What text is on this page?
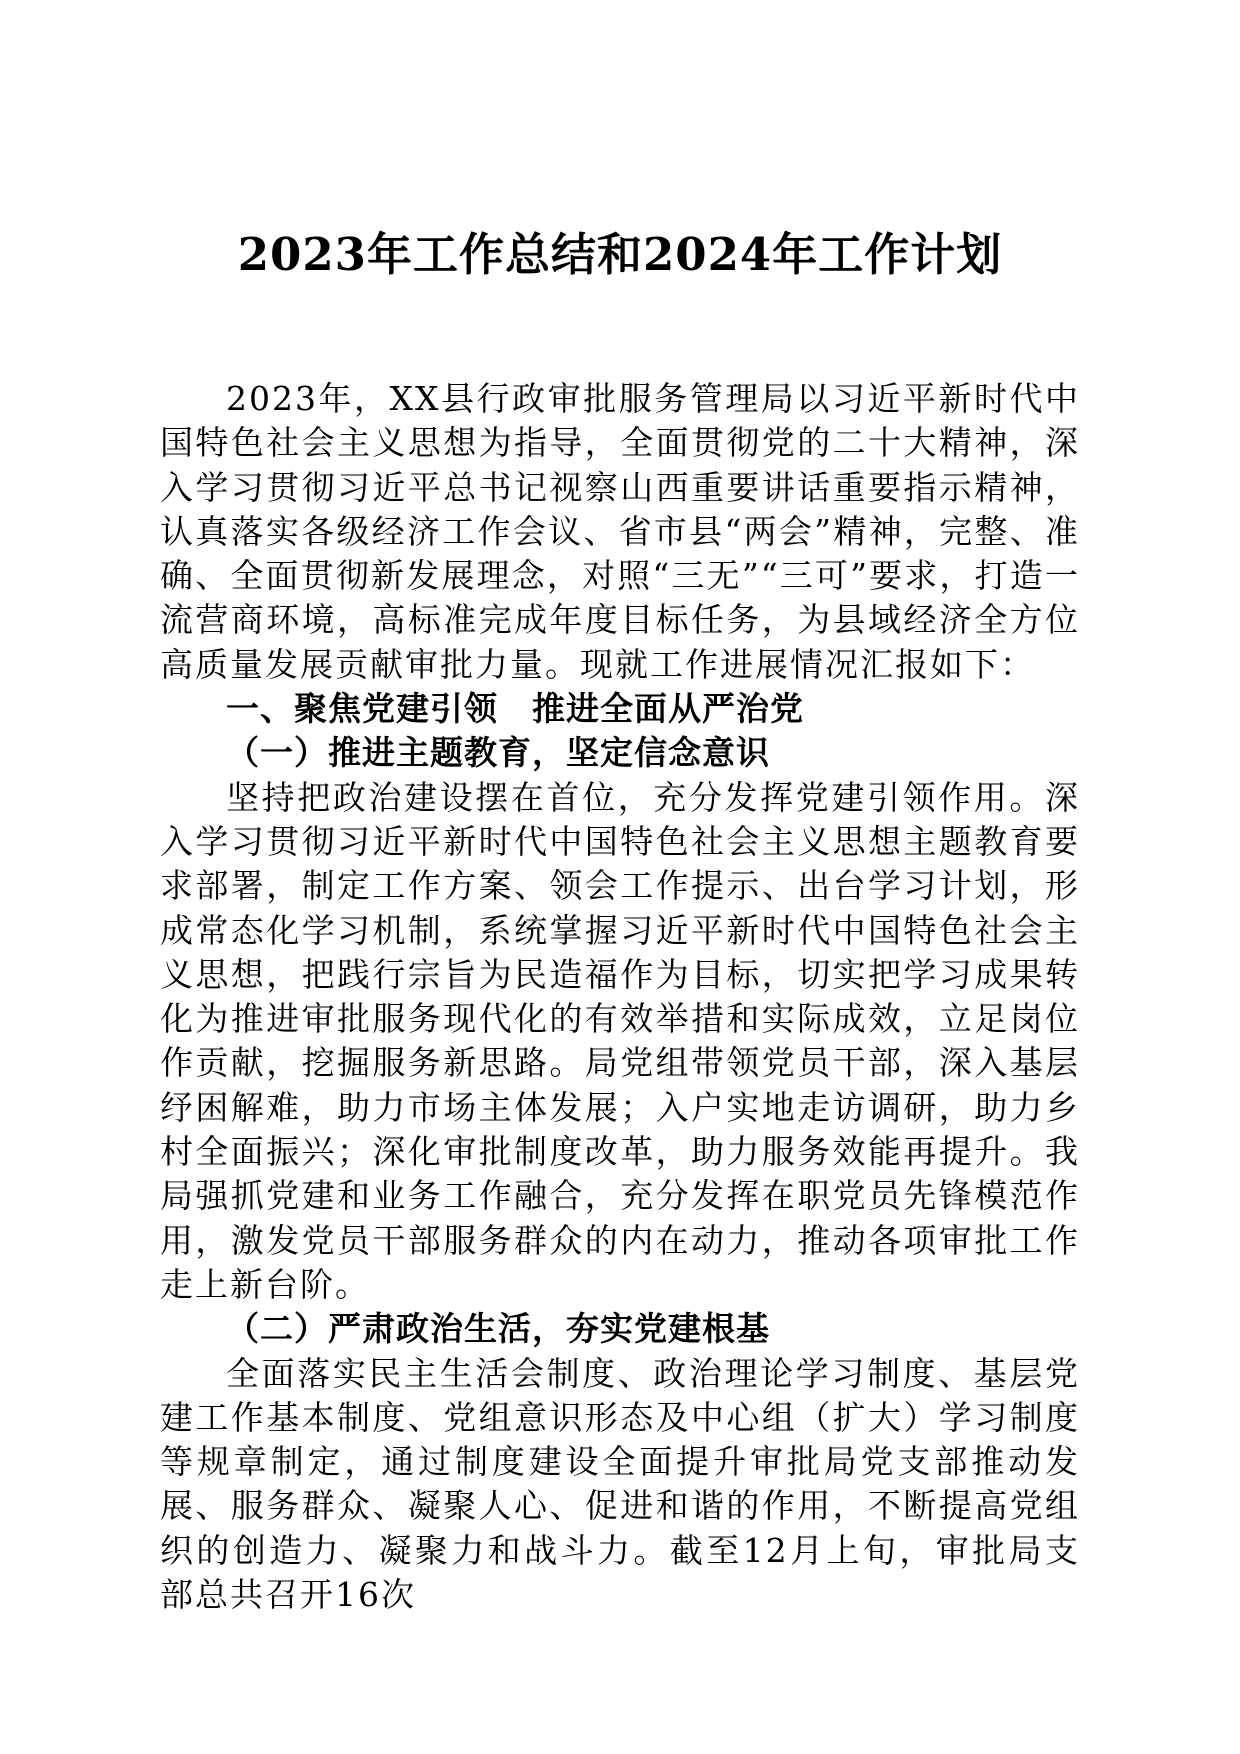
2023年工作总结和2024年工作计划

2023年，XX县行政审批服务管理局以习近平新时代中国特色社会主义思想为指导，全面贯彻党的二十大精神，深入学习贯彻习近平总书记视察山西重要讲话重要指示精神，认真落实各级经济工作会议、省市县“两会”精神，完整、准确、全面贯彻新发展理念，对照“三无”“三可”要求，打造一流营商环境，高标准完成年度目标任务，为县域经济全方位高质量发展贡献审批力量。现就工作进展情况汇报如下：

一、聚焦党建引领　推进全面从严治党

（一）推进主题教育，坚定信念意识

坚持把政治建设摆在首位，充分发挥党建引领作用。深入学习贯彻习近平新时代中国特色社会主义思想主题教育要求部署，制定工作方案、领会工作提示、出台学习计划，形成常态化学习机制，系统掌握习近平新时代中国特色社会主义思想，把践行宗旨为民造福作为目标，切实把学习成果转化为推进审批服务现代化的有效举措和实际成效，立足岗位作贡献，挖掘服务新思路。局党组带领党员干部，深入基层纾困解难，助力市场主体发展；入户实地走访调研，助力乡村全面振兴；深化审批制度改革，助力服务效能再提升。我局强抓党建和业务工作融合，充分发挥在职党员先锋模范作用，激发党员干部服务群众的内在动力，推动各项审批工作走上新台阶。

（二）严肃政治生活，夯实党建根基

全面落实民主生活会制度、政治理论学习制度、基层党建工作基本制度、党组意识形态及中心组（扩大）学习制度等规章制定，通过制度建设全面提升审批局党支部推动发展、服务群众、凝聚人心、促进和谐的作用，不断提高党组织的创造力、凝聚力和战斗力。截至12月上旬，审批局支部总共召开16次
